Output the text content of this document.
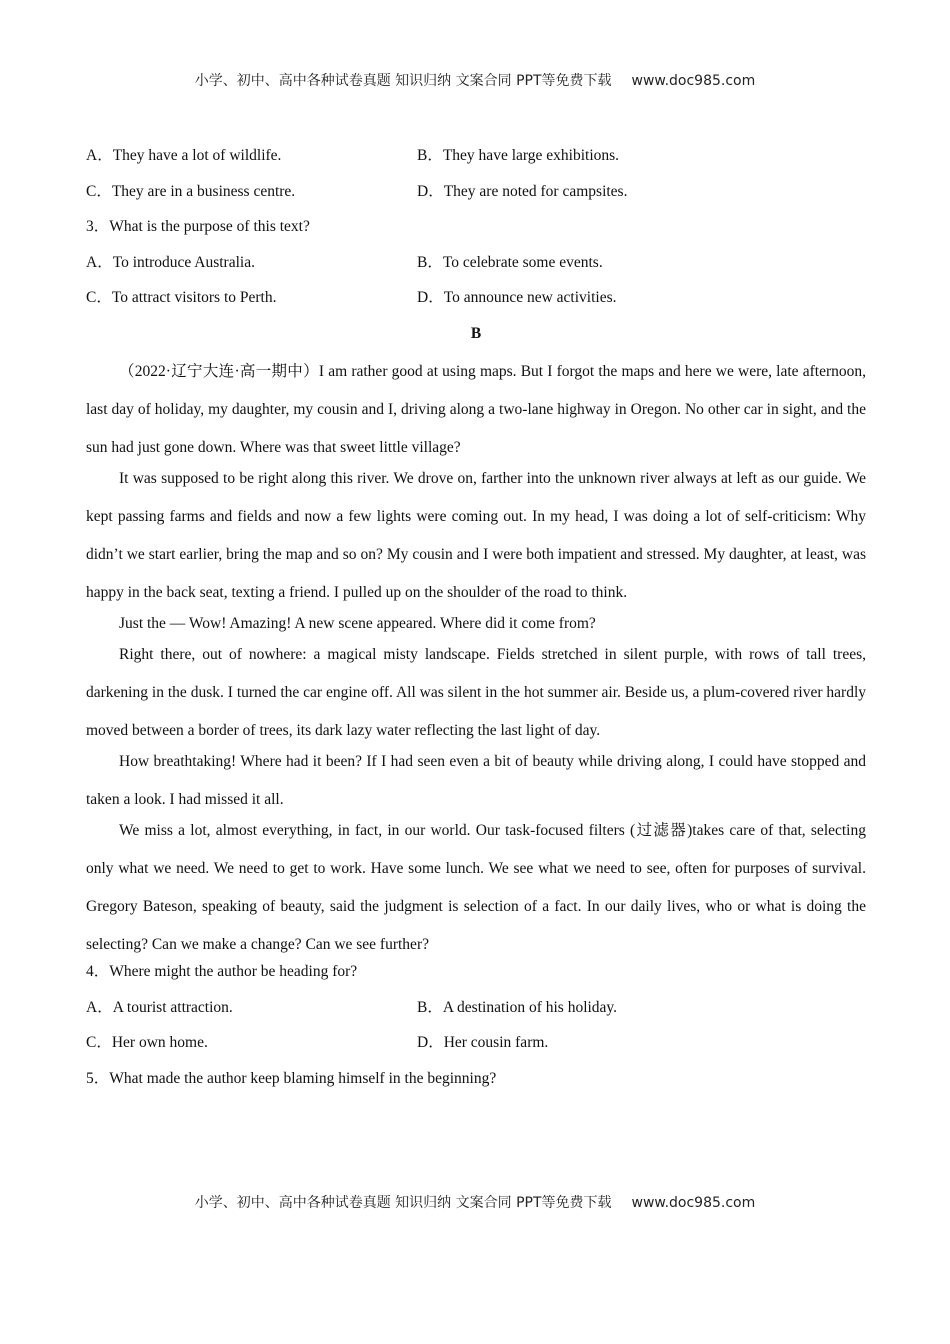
小学、初中、高中各种试卷真题 知识归纳 文案合同 PPT等免费下载 www.doc985.com
A．They have a lot of wildlife.	B．They have large exhibitions.
C．They are in a business centre.	D．They are noted for campsites.
3．What is the purpose of this text?
A．To introduce Australia.	B．To celebrate some events.
C．To attract visitors to Perth.	D．To announce new activities.
B

（2022·辽宁大连·高一期中）I am rather good at using maps. But I forgot the maps and here we were, late afternoon, last day of holiday, my daughter, my cousin and I, driving along a two-lane highway in Oregon. No other car in sight, and the sun had just gone down. Where was that sweet little village?

It was supposed to be right along this river. We drove on, farther into the unknown river always at left as our guide. We kept passing farms and fields and now a few lights were coming out. In my head, I was doing a lot of self-criticism: Why didn’t we start earlier, bring the map and so on? My cousin and I were both impatient and stressed. My daughter, at least, was happy in the back seat, texting a friend. I pulled up on the shoulder of the road to think.

Just the — Wow! Amazing! A new scene appeared. Where did it come from?

Right there, out of nowhere: a magical misty landscape. Fields stretched in silent purple, with rows of tall trees, darkening in the dusk. I turned the car engine off. All was silent in the hot summer air. Beside us, a plum-covered river hardly moved between a border of trees, its dark lazy water reflecting the last light of day.

How breathtaking! Where had it been? If I had seen even a bit of beauty while driving along, I could have stopped and taken a look. I had missed it all.

We miss a lot, almost everything, in fact, in our world. Our task-focused filters (过滤器)takes care of that, selecting only what we need. We need to get to work. Have some lunch. We see what we need to see, often for purposes of survival. Gregory Bateson, speaking of beauty, said the judgment is selection of a fact. In our daily lives, who or what is doing the selecting? Can we make a change? Can we see further?

4．Where might the author be heading for?
A．A tourist attraction.	B．A destination of his holiday.
C．Her own home.	D．Her cousin farm.
5．What made the author keep blaming himself in the beginning?
小学、初中、高中各种试卷真题 知识归纳 文案合同 PPT等免费下载 www.doc985.com
